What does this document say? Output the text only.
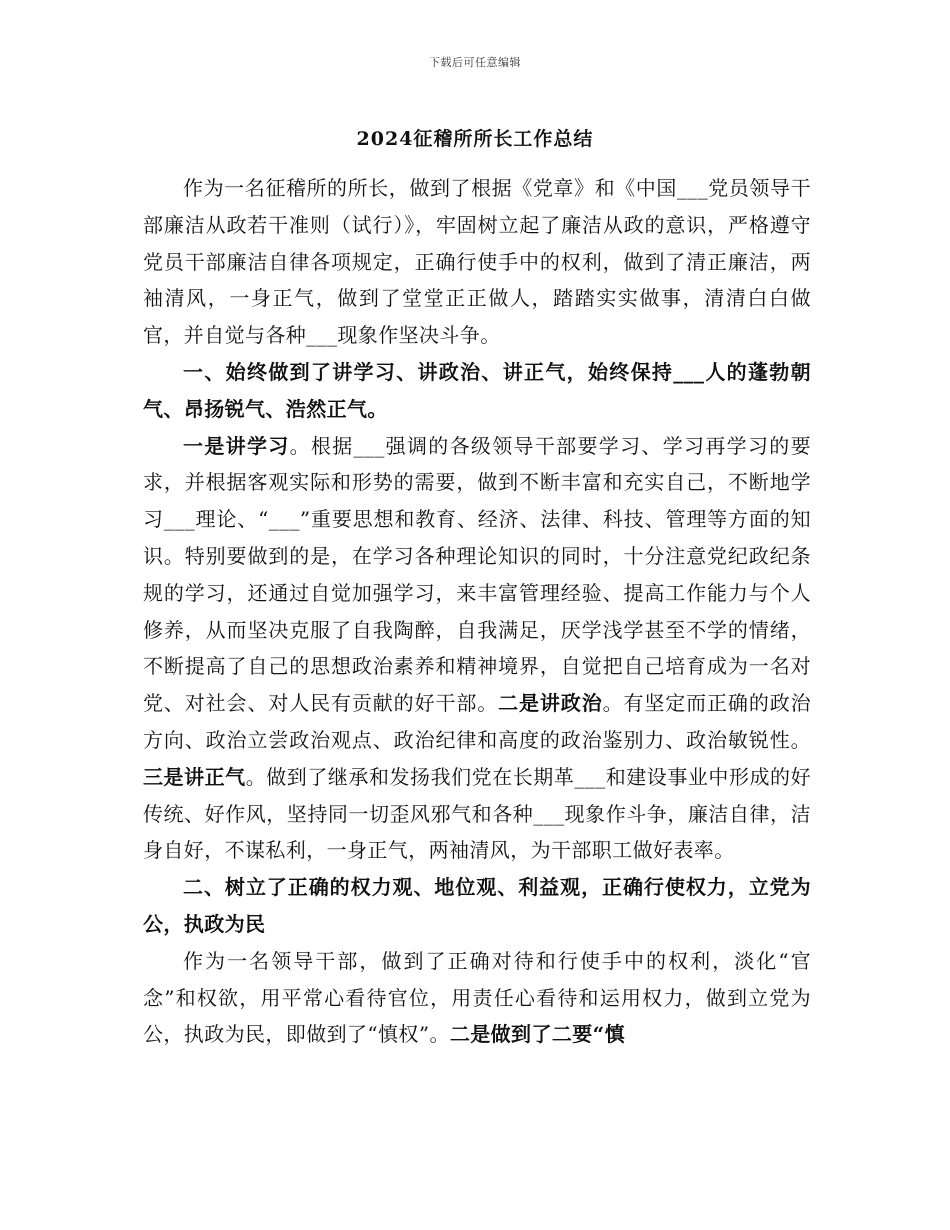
下载后可任意编辑
2024征稽所所长工作总结

作为一名征稽所的所长，做到了根据《党章》和《中国___党员领导干部廉洁从政若干准则（试行）》，牢固树立起了廉洁从政的意识，严格遵守党员干部廉洁自律各项规定，正确行使手中的权利，做到了清正廉洁，两袖清风，一身正气，做到了堂堂正正做人，踏踏实实做事，清清白白做官，并自觉与各种___现象作坚决斗争。

一、始终做到了讲学习、讲政治、讲正气，始终保持___人的蓬勃朝气、昂扬锐气、浩然正气。

一是讲学习。根据___强调的各级领导干部要学习、学习再学习的要求，并根据客观实际和形势的需要，做到不断丰富和充实自己，不断地学习___理论、“___”重要思想和教育、经济、法律、科技、管理等方面的知识。特别要做到的是，在学习各种理论知识的同时，十分注意党纪政纪条规的学习，还通过自觉加强学习，来丰富管理经验、提高工作能力与个人修养，从而坚决克服了自我陶醉，自我满足，厌学浅学甚至不学的情绪，不断提高了自己的思想政治素养和精神境界，自觉把自己培育成为一名对党、对社会、对人民有贡献的好干部。二是讲政治。有坚定而正确的政治方向、政治立尝政治观点、政治纪律和高度的政治鉴别力、政治敏锐性。三是讲正气。做到了继承和发扬我们党在长期革___和建设事业中形成的好传统、好作风，坚持同一切歪风邪气和各种___现象作斗争，廉洁自律，洁身自好，不谋私利，一身正气，两袖清风，为干部职工做好表率。

二、树立了正确的权力观、地位观、利益观，正确行使权力，立党为公，执政为民

作为一名领导干部，做到了正确对待和行使手中的权利，淡化“官念”和权欲，用平常心看待官位，用责任心看待和运用权力，做到立党为公，执政为民，即做到了“慎权”。二是做到了二要“慎
